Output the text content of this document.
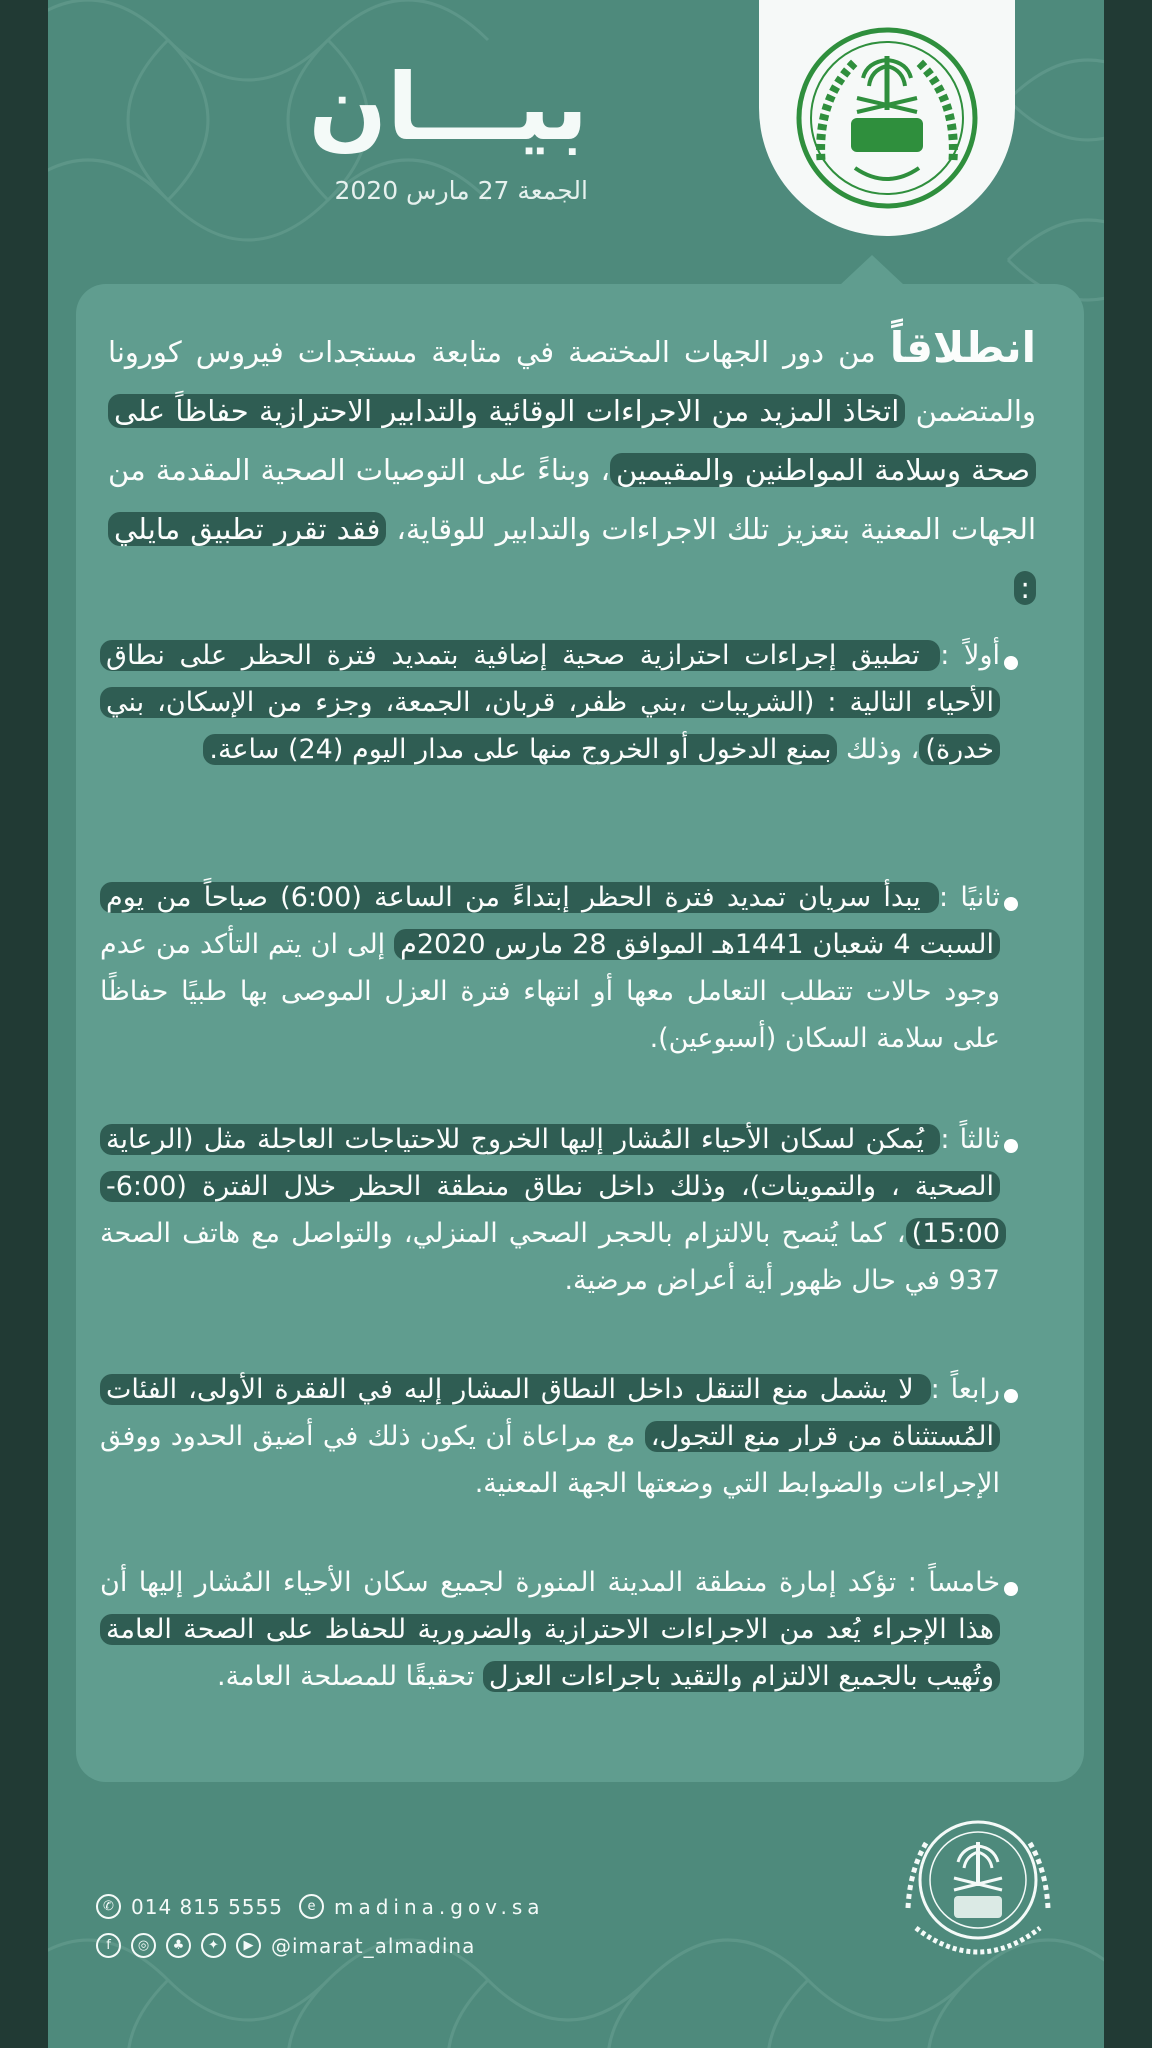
بيـــان
الجمعة 27 مارس 2020
انطلاقاً من دور الجهات المختصة في متابعة مستجدات فيروس كورونا والمتضمن اتخاذ المزيد من الاجراءات الوقائية والتدابير الاحترازية حفاظاً على صحة وسلامة المواطنين والمقيمين، وبناءً على التوصيات الصحية المقدمة من الجهات المعنية بتعزيز تلك الاجراءات والتدابير للوقاية، فقد تقرر تطبيق مايلي :
أولاً : تطبيق إجراءات احترازية صحية إضافية بتمديد فترة الحظر على نطاق الأحياء التالية : (الشريبات ،بني ظفر، قربان، الجمعة، وجزء من الإسكان، بني خدرة)، وذلك بمنع الدخول أو الخروج منها على مدار اليوم (24) ساعة.
ثانيًا : يبدأ سريان تمديد فترة الحظر إبتداءً من الساعة (6:00) صباحاً من يوم السبت 4 شعبان 1441هـ الموافق 28 مارس 2020م إلى ان يتم التأكد من عدم وجود حالات تتطلب التعامل معها أو انتهاء فترة العزل الموصى بها طبيًا حفاظًا على سلامة السكان (أسبوعين).
ثالثاً : يُمكن لسكان الأحياء المُشار إليها الخروج للاحتياجات العاجلة مثل (الرعاية الصحية ، والتموينات)، وذلك داخل نطاق منطقة الحظر خلال الفترة (6:00-15:00)، كما يُنصح بالالتزام بالحجر الصحي المنزلي، والتواصل مع هاتف الصحة 937 في حال ظهور أية أعراض مرضية.
رابعاً : لا يشمل منع التنقل داخل النطاق المشار إليه في الفقرة الأولى، الفئات المُستثناة من قرار منع التجول، مع مراعاة أن يكون ذلك في أضيق الحدود ووفق الإجراءات والضوابط التي وضعتها الجهة المعنية.
خامساً : تؤكد إمارة منطقة المدينة المنورة لجميع سكان الأحياء المُشار إليها أن هذا الإجراء يُعد من الاجراءات الاحترازية والضرورية للحفاظ على الصحة العامة وتُهيب بالجميع الالتزام والتقيد باجراءات العزل تحقيقًا للمصلحة العامة.
✆ 014 815 5555	e madina.gov.sa
f	◎	♣	✦	▶ @imarat_almadina
